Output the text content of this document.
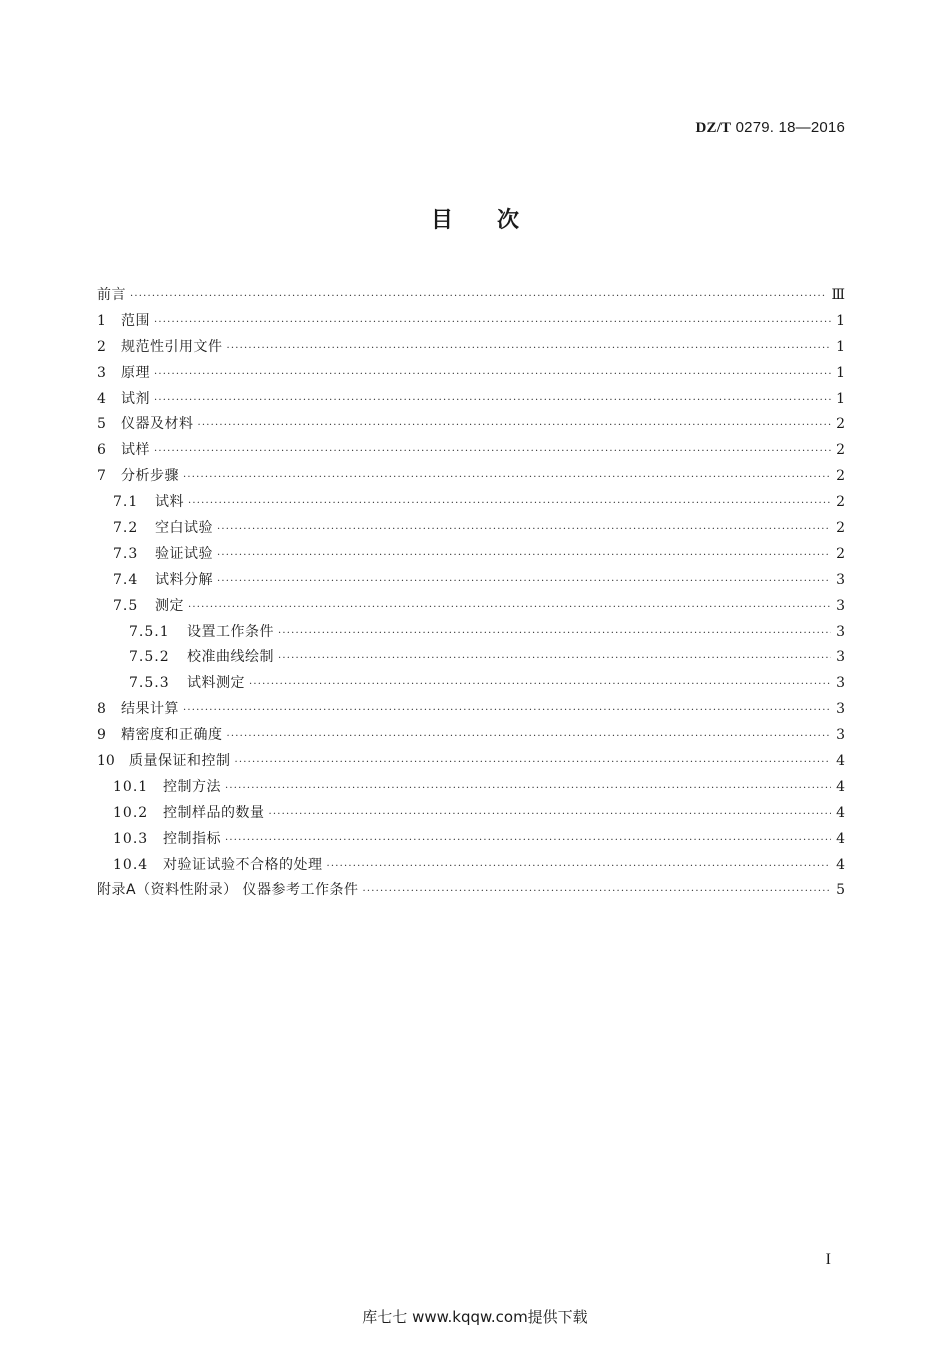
DZ/T 0279. 18—2016
目次
前言 ·····	Ⅲ
1	范围 ·····	1
2	规范性引用文件 ·····	1
3	原理 ·····	1
4	试剂 ·····	1
5	仪器及材料 ·····	2
6	试样 ·····	2
7	分析步骤 ·····	2
7.1	试料 ·····	2
7.2	空白试验 ·····	2
7.3	验证试验 ·····	2
7.4	试料分解 ·····	3
7.5	测定 ·····	3
7.5.1	设置工作条件 ·····	3
7.5.2	校准曲线绘制 ·····	3
7.5.3	试料测定 ·····	3
8	结果计算 ·····	3
9	精密度和正确度 ·····	3
10	质量保证和控制 ·····	4
10.1	控制方法 ·····	4
10.2	控制样品的数量 ·····	4
10.3	控制指标 ·····	4
10.4	对验证试验不合格的处理 ·····	4
附录A（资料性附录） 仪器参考工作条件 ·····	5
I
库七七 www.kqqw.com提供下载
